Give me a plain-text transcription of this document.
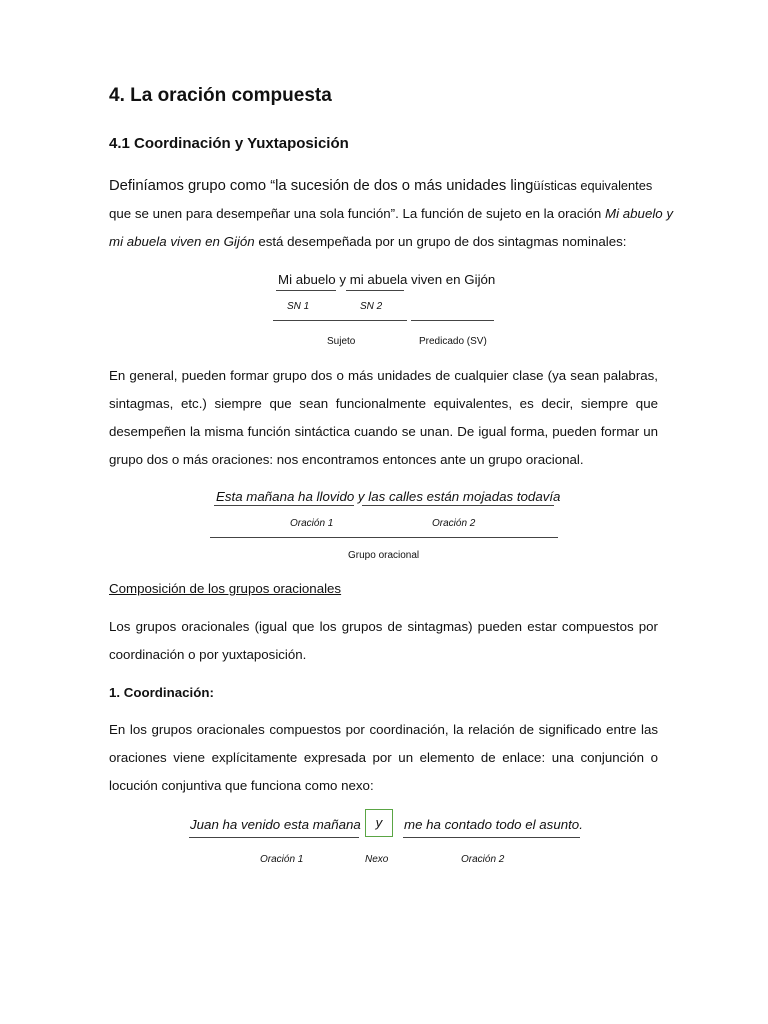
4. La oración compuesta
4.1 Coordinación y Yuxtaposición
Definíamos grupo como “la sucesión de dos o más unidades lingüísticas equivalentes
que se unen para desempeñar una sola función”. La función de sujeto en la oración Mi abuelo y
mi abuela viven en Gijón está desempeñada por un grupo de dos sintagmas nominales:
Mi abuelo y mi abuela viven en Gijón
SN 1	SN 2
Sujeto	Predicado (SV)
En general, pueden formar grupo dos o más unidades de cualquier clase (ya sean palabras,
sintagmas, etc.) siempre que sean funcionalmente equivalentes, es decir, siempre que
desempeñen la misma función sintáctica cuando se unan. De igual forma, pueden formar un
grupo dos o más oraciones: nos encontramos entonces ante un grupo oracional.
Esta mañana ha llovido y las calles están mojadas todavía
Oración 1	Oración 2
Grupo oracional
Composición de los grupos oracionales
Los grupos oracionales (igual que los grupos de sintagmas) pueden estar compuestos por
coordinación o por yuxtaposición.
1. Coordinación:
En los grupos oracionales compuestos por coordinación, la relación de significado entre las
oraciones viene explícitamente expresada por un elemento de enlace: una conjunción o
locución conjuntiva que funciona como nexo:
Juan ha venido esta mañana	y	me ha contado todo el asunto.
Oración 1	Nexo	Oración 2
